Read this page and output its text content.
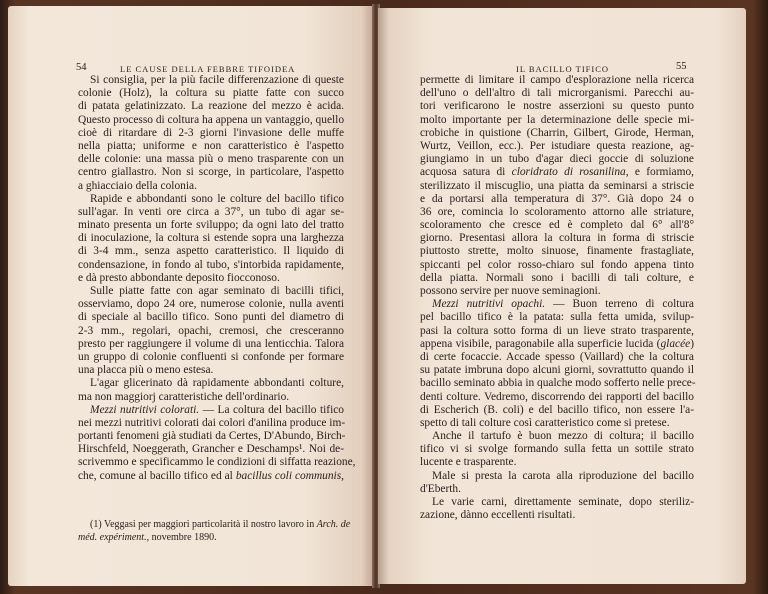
54	LE CAUSE DELLA FEBBRE TIFOIDEA
Si consiglia, per la più facile differenzazione di queste
colonie (Holz), la coltura su piatte fatte con succo
di patata gelatinizzato. La reazione del mezzo è acida.
Questo processo di coltura ha appena un vantaggio, quello
cioè di ritardare di 2-3 giorni l'invasione delle muffe
nella piatta; uniforme e non caratteristico è l'aspetto
delle colonie: una massa più o meno trasparente con un
centro giallastro. Non si scorge, in particolare, l'aspetto
a ghiacciaio della colonia.
Rapide e abbondanti sono le colture del bacillo tifico
sull'agar. In venti ore circa a 37°, un tubo di agar se-
minato presenta un forte sviluppo; da ogni lato del tratto
di inoculazione, la coltura si estende sopra una larghezza
di 3-4 mm., senza aspetto caratteristico. Il liquido di
condensazione, in fondo al tubo, s'intorbida rapidamente,
e dà presto abbondante deposito fiocconoso.
Sulle piatte fatte con agar seminato di bacilli tifici,
osserviamo, dopo 24 ore, numerose colonie, nulla aventi
di speciale al bacillo tifico. Sono punti del diametro di
2-3 mm., regolari, opachi, cremosi, che cresceranno
presto per raggiungere il volume di una lenticchia. Talora
un gruppo di colonie confluenti si confonde per formare
una placca più o meno estesa.
L'agar glicerinato dà rapidamente abbondanti colture,
ma non maggiorj caratteristiche dell'ordinario.
Mezzi nutritivi colorati. — La coltura del bacillo tifico
nei mezzi nutritivi colorati dai colori d'anilina produce im-
portanti fenomeni già studiati da Certes, D'Abundo, Birch-
Hirschfeld, Noeggerath, Grancher e Deschamps¹. Noi de-
scrivemmo e specificammo le condizioni di siffatta reazione,
che, comune al bacillo tifico ed al bacillus coli communis,
(1) Veggasi per maggiori particolarità il nostro lavoro in Arch. de
méd. expériment., novembre 1890.
IL BACILLO TIFICO	55
permette di limitare il campo d'esplorazione nella ricerca
dell'uno o dell'altro di tali microrganismi. Parecchi au-
tori verificarono le nostre asserzioni su questo punto
molto importante per la determinazione delle specie mi-
crobiche in quistione (Charrin, Gilbert, Girode, Herman,
Wurtz, Veillon, ecc.). Per istudiare questa reazione, ag-
giungiamo in un tubo d'agar dieci goccie di soluzione
acquosa satura di cloridrato di rosanilina, e formiamo,
sterilizzato il miscuglio, una piatta da seminarsi a striscie
e da portarsi alla temperatura di 37°. Già dopo 24 o
36 ore, comincia lo scoloramento attorno alle striature,
scoloramento che cresce ed è completo dal 6° all'8°
giorno. Presentasi allora la coltura in forma di striscie
piuttosto strette, molto sinuose, finamente frastagliate,
spiccanti pel color rosso-chiaro sul fondo appena tinto
della piatta. Normali sono i bacilli di tali colture, e
possono servire per nuove seminagioni.
Mezzi nutritivi opachi. — Buon terreno di coltura
pel bacillo tifico è la patata: sulla fetta umida, svilup-
pasi la coltura sotto forma di un lieve strato trasparente,
appena visibile, paragonabile alla superficie lucida (glacée)
di certe focaccie. Accade spesso (Vaillard) che la coltura
su patate imbruna dopo alcuni giorni, sovrattutto quando il
bacillo seminato abbia in qualche modo sofferto nelle prece-
denti colture. Vedremo, discorrendo dei rapporti del bacillo
di Escherich (B. coli) e del bacillo tifico, non essere l'a-
spetto di tali colture così caratteristico come si pretese.
Anche il tartufo è buon mezzo di coltura; il bacillo
tifico vi si svolge formando sulla fetta un sottile strato
lucente e trasparente.
Male si presta la carota alla riproduzione del bacillo
d'Eberth.
Le varie carni, direttamente seminate, dopo steriliz-
zazione, dànno eccellenti risultati.
